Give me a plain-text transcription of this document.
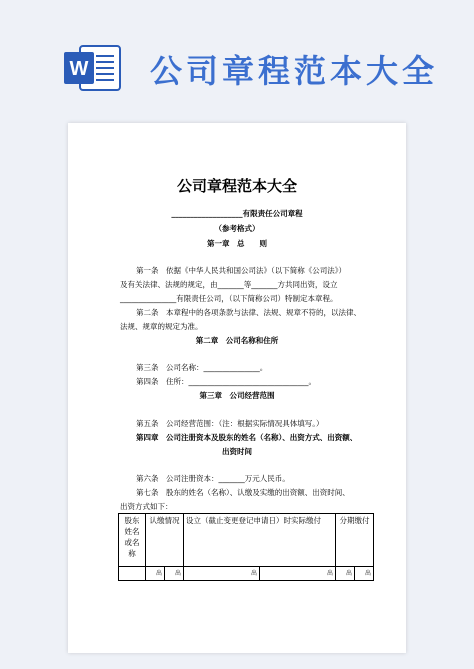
W 公司章程范本大全
公司章程范本大全
___________________有限责任公司章程
（参考格式）
第一章　总　　则
第一条　依据《中华人民共和国公司法》（以下简称《公司法》）
及有关法律、法规的规定，由_______等_______方共同出资，设立
_______________有限责任公司，（以下简称公司）特制定本章程。
第二条　本章程中的各项条款与法律、法规、规章不符的，以法律、
法规、规章的规定为准。
第二章　公司名称和住所
第三条　公司名称：_______________。
第四条　住所：________________________________。
第三章　公司经营范围
第五条　公司经营范围：（注：根据实际情况具体填写。）
第四章　公司注册资本及股东的姓名（名称）、出资方式、出资额、
出资时间
第六条　公司注册资本：_______万元人民币。
第七条　股东的姓名（名称）、认缴及实缴的出资额、出资时间、
出资方式如下：
股东姓名或名称	认缴情况		设立（截止变更登记申请日）时实际缴付		分期缴付	
	出	出	出	出	出	出
